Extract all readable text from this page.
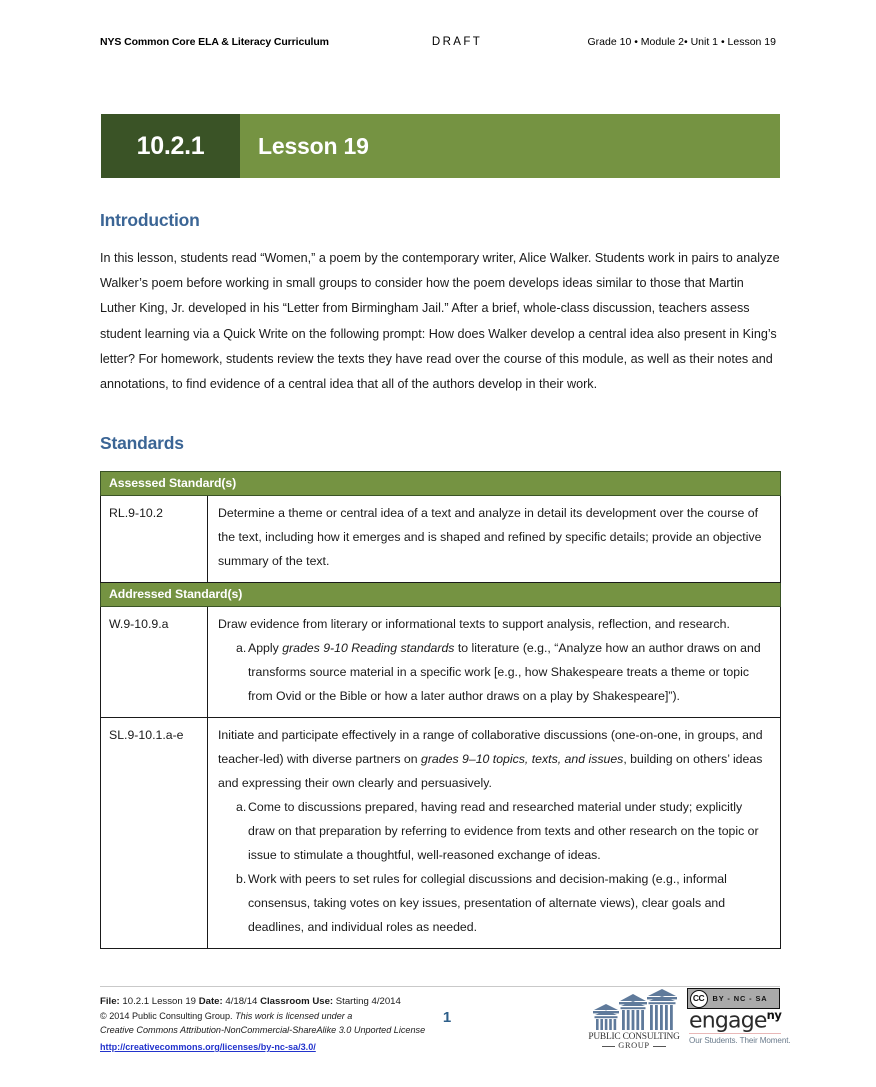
NYS Common Core ELA & Literacy Curriculum	DRAFT	Grade 10 • Module 2• Unit 1 • Lesson 19
10.2.1 Lesson 19
Introduction
In this lesson, students read “Women,” a poem by the contemporary writer, Alice Walker. Students work in pairs to analyze Walker’s poem before working in small groups to consider how the poem develops ideas similar to those that Martin Luther King, Jr. developed in his “Letter from Birmingham Jail.” After a brief, whole-class discussion, teachers assess student learning via a Quick Write on the following prompt: How does Walker develop a central idea also present in King’s letter? For homework, students review the texts they have read over the course of this module, as well as their notes and annotations, to find evidence of a central idea that all of the authors develop in their work.
Standards
Assessed Standard(s)	
RL.9-10.2	Determine a theme or central idea of a text and analyze in detail its development over the course of the text, including how it emerges and is shaped and refined by specific details; provide an objective summary of the text.

Addressed Standard(s)	
W.9-10.9.a	Draw evidence from literary or informational texts to support analysis, reflection, and research.

a. Apply grades 9-10 Reading standards to literature (e.g., “Analyze how an author draws on and transforms source material in a specific work [e.g., how Shakespeare treats a theme or topic from Ovid or the Bible or how a later author draws on a play by Shakespeare]”).

SL.9-10.1.a-e	Initiate and participate effectively in a range of collaborative discussions (one-on-one, in groups, and teacher-led) with diverse partners on grades 9–10 topics, texts, and issues, building on others’ ideas and expressing their own clearly and persuasively.

a. Come to discussions prepared, having read and researched material under study; explicitly draw on that preparation by referring to evidence from texts and other research on the topic or issue to stimulate a thoughtful, well-reasoned exchange of ideas.
b. Work with peers to set rules for collegial discussions and decision-making (e.g., informal consensus, taking votes on key issues, presentation of alternate views), clear goals and deadlines, and individual roles as needed.
File: 10.2.1 Lesson 19 Date: 4/18/14 Classroom Use: Starting 4/2014
© 2014 Public Consulting Group. This work is licensed under a
Creative Commons Attribution-NonCommercial-ShareAlike 3.0 Unported License
http://creativecommons.org/licenses/by-nc-sa/3.0/
1
PUBLIC CONSULTING
GROUP
CC BY - NC - SA
engage$^{ny}$
Our Students. Their Moment.
